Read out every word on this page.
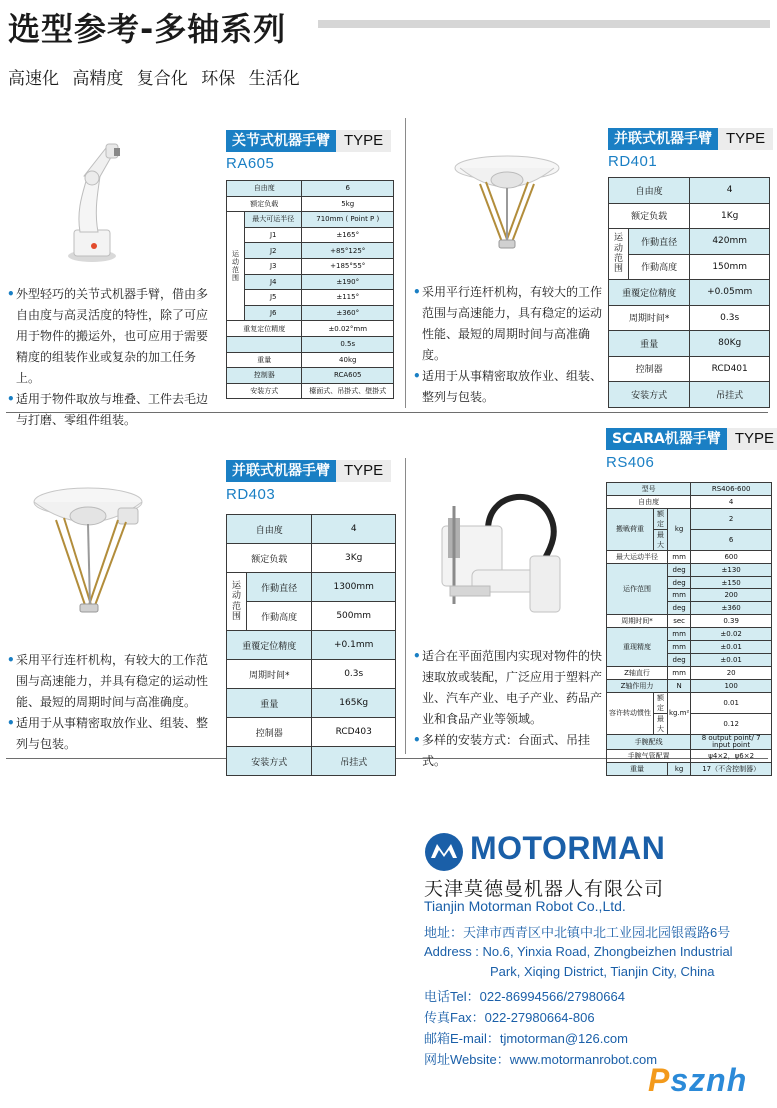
选型参考-多轴系列
高速化 高精度 复合化 环保 生活化
关节式机器手臂 TYPE
RA605

• 外型轻巧的关节式机器手臂，借由多自由度与高灵活度的特性，除了可应用于物件的搬运外，也可应用于需要精度的组装作业或复杂的加工任务上。

• 适用于物件取放与堆叠、工件去毛边与打磨、零组件组装。

自由度		6
额定负载		5kg
运动范围	最大可运半径	710mm ( Point P )
	J1	±165°
	J2	+85°125°
	J3	+185°55°
	J4	±190°
	J5	±115°
	J6	±360°
重复定位精度		±0.02°mm
		0.5s
重量		40kg
控制器		RCA605
安装方式		檯面式、吊掛式、壁掛式
并联式机器手臂 TYPE
RD401

• 采用平行连杆机构，有较大的工作范围与高速能力，具有稳定的运动性能、最短的周期时间与高准确度。

• 适用于从事精密取放作业、组装、整列与包装。

自由度		4
额定负载		1Kg
运动范围	作動直径	420mm
	作動高度	150mm
重覆定位精度		+0.05mm
周期时间*		0.3s
重量		80Kg
控制器		RCD401
安装方式		吊挂式
并联式机器手臂 TYPE
RD403

• 采用平行连杆机构，有较大的工作范围与高速能力，并具有稳定的运动性能、最短的周期时间与高准确度。

• 适用于从事精密取放作业、组装、整列与包装。

自由度		4
额定负载		3Kg
运动范围	作動直径	1300mm
	作動高度	500mm
重覆定位精度		+0.1mm
周期时间*		0.3s
重量		165Kg
控制器		RCD403
安装方式		吊挂式
SCARA机器手臂 TYPE
RS406

• 适合在平面范围内实现对物件的快速取放或装配，广泛应用于塑料产业、汽车产业、电子产业、药品产业和食品产业等领域。

• 多样的安装方式：台面式、吊挂式。

型号			RS406-600
自由度			4
搬戦荷重	额定	kg	2
	最大		6
最大运动半径		mm	600
运作范围		deg	±130
		deg	±150
		mm	200
		deg	±360
周期时间*		sec	0.39
重现精度		mm	±0.02
		mm	±0.01
		deg	±0.01
Z轴直行		mm	20
Z轴作用力		N	100
容许转动惯性	额定	kg.m²	0.01
	最大		0.12
手腕配线			8 output point/ 7 input point
手腕气管配置			ψ4×2，ψ6×2
重量		kg	17（不含控制器）
MOTORMAN
天津莫德曼机器人有限公司
Tianjin Motorman Robot Co.,Ltd.
地址：天津市西青区中北镇中北工业园北园银霞路6号
Address : No.6, Yinxia Road, Zhongbeizhen Industrial
Park, Xiqing District, Tianjin City, China
电话Tel：022-86994566/27980664
传真Fax：022-27980664-806
邮箱E-mail：tjmotorman@126.com
网址Website：www.motormanrobot.com
Psznh
